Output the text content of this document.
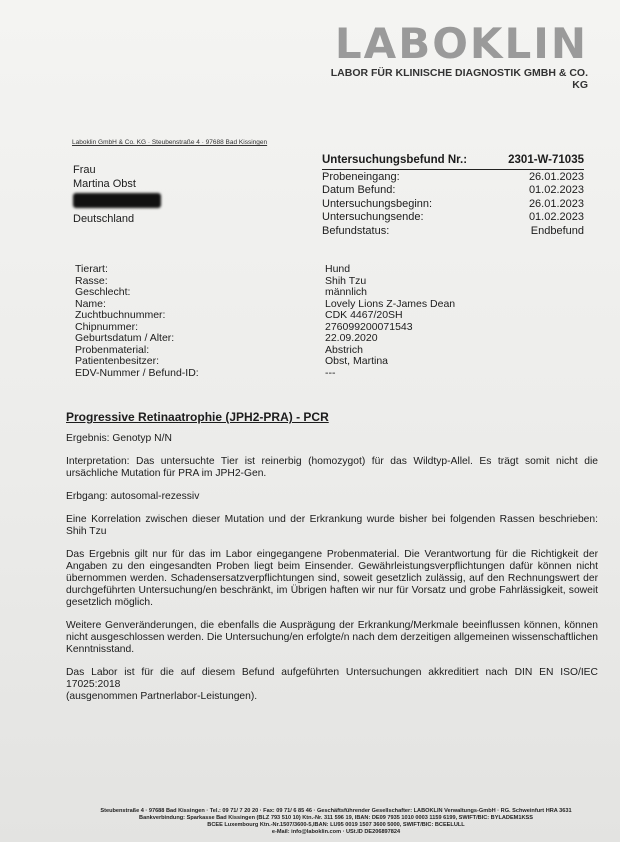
LABOKLIN
LABOR FÜR KLINISCHE DIAGNOSTIK GMBH & CO. KG
Laboklin GmbH & Co. KG · Steubenstraße 4 · 97688 Bad Kissingen
Frau
Martina Obst
Deutschland
Untersuchungsbefund Nr.:	2301-W-71035
Probeneingang:	26.01.2023
Datum Befund:	01.02.2023
Untersuchungsbeginn:	26.01.2023
Untersuchungsende:	01.02.2023
Befundstatus:	Endbefund
Tierart:	Hund
Rasse:	Shih Tzu
Geschlecht:	männlich
Name:	Lovely Lions Z-James Dean
Zuchtbuchnummer:	CDK 4467/20SH
Chipnummer:	276099200071543
Geburtsdatum / Alter:	22.09.2020
Probenmaterial:	Abstrich
Patientenbesitzer:	Obst, Martina
EDV-Nummer / Befund-ID:	---
Progressive Retinaatrophie (JPH2-PRA) - PCR

Ergebnis: Genotyp N/N

Interpretation: Das untersuchte Tier ist reinerbig (homozygot) für das Wildtyp-Allel. Es trägt somit nicht die ursächliche Mutation für PRA im JPH2-Gen.

Erbgang: autosomal-rezessiv

Eine Korrelation zwischen dieser Mutation und der Erkrankung wurde bisher bei folgenden Rassen beschrieben: Shih Tzu

Das Ergebnis gilt nur für das im Labor eingegangene Probenmaterial. Die Verantwortung für die Richtigkeit der Angaben zu den eingesandten Proben liegt beim Einsender. Gewährleistungsverpflichtungen dafür können nicht übernommen werden. Schadensersatzverpflichtungen sind, soweit gesetzlich zulässig, auf den Rechnungswert der durchgeführten Untersuchung/en beschränkt, im Übrigen haften wir nur für Vorsatz und grobe Fahrlässigkeit, soweit gesetzlich möglich.

Weitere Genveränderungen, die ebenfalls die Ausprägung der Erkrankung/Merkmale beeinflussen können, können nicht ausgeschlossen werden. Die Untersuchung/en erfolgte/n nach dem derzeitigen allgemeinen wissenschaftlichen Kenntnisstand.

Das Labor ist für die auf diesem Befund aufgeführten Untersuchungen akkreditiert nach DIN EN ISO/IEC 17025:2018

(ausgenommen Partnerlabor-Leistungen).

Steubenstraße 4 · 97688 Bad Kissingen · Tel.: 09 71/ 7 20 20 · Fax: 09 71/ 6 85 46 · Geschäftsführender Gesellschafter: LABOKLIN Verwaltungs-GmbH · RG. Schweinfurt HRA 3631
Bankverbindung: Sparkasse Bad Kissingen (BLZ 793 510 10) Ktn.-Nr. 311 596 19, IBAN: DE09 7935 1010 0003 1159 6199, SWIFT/BIC: BYLADEM1KSS
BCEE Luxembourg Ktn.-Nr.1507/3600-5,IBAN: LU95 0019 1507 3600 5000, SWIFT/BIC: BCEELULL
e-Mail: info@laboklin.com · USt.ID DE206897824
